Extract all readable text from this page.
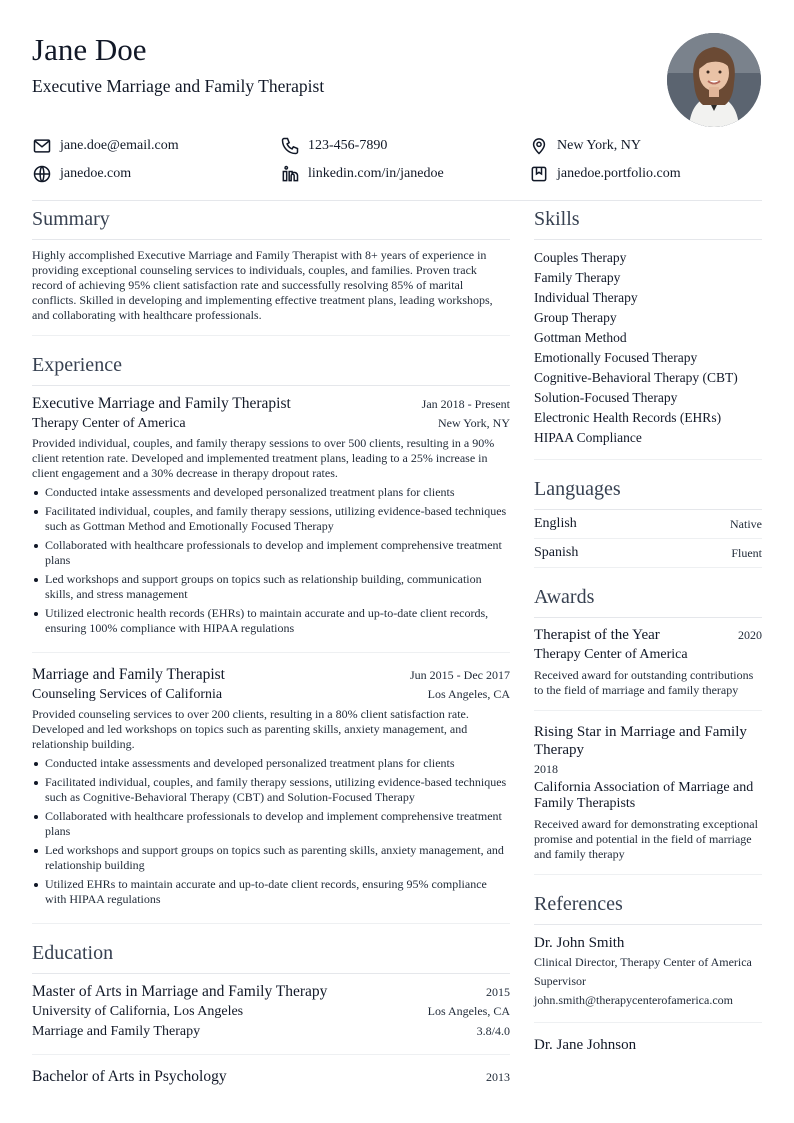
Jane Doe
Executive Marriage and Family Therapist
jane.doe@email.com	123-456-7890	New York, NY
janedoe.com	linkedin.com/in/janedoe	janedoe.portfolio.com
Summary
Highly accomplished Executive Marriage and Family Therapist with 8+ years of experience in providing exceptional counseling services to individuals, couples, and families. Proven track record of achieving 95% client satisfaction rate and successfully resolving 85% of marital conflicts. Skilled in developing and implementing effective treatment plans, leading workshops, and collaborating with healthcare professionals.
Experience
Executive Marriage and Family Therapist	Jan 2018 - Present
Therapy Center of America	New York, NY
Provided individual, couples, and family therapy sessions to over 500 clients, resulting in a 90% client retention rate. Developed and implemented treatment plans, leading to a 25% increase in client engagement and a 30% decrease in therapy dropout rates.
Conducted intake assessments and developed personalized treatment plans for clients
Facilitated individual, couples, and family therapy sessions, utilizing evidence-based techniques such as Gottman Method and Emotionally Focused Therapy
Collaborated with healthcare professionals to develop and implement comprehensive treatment plans
Led workshops and support groups on topics such as relationship building, communication skills, and stress management
Utilized electronic health records (EHRs) to maintain accurate and up-to-date client records, ensuring 100% compliance with HIPAA regulations
Marriage and Family Therapist	Jun 2015 - Dec 2017
Counseling Services of California	Los Angeles, CA
Provided counseling services to over 200 clients, resulting in a 80% client satisfaction rate. Developed and led workshops on topics such as parenting skills, anxiety management, and relationship building.
Conducted intake assessments and developed personalized treatment plans for clients
Facilitated individual, couples, and family therapy sessions, utilizing evidence-based techniques such as Cognitive-Behavioral Therapy (CBT) and Solution-Focused Therapy
Collaborated with healthcare professionals to develop and implement comprehensive treatment plans
Led workshops and support groups on topics such as parenting skills, anxiety management, and relationship building
Utilized EHRs to maintain accurate and up-to-date client records, ensuring 95% compliance with HIPAA regulations
Education
Master of Arts in Marriage and Family Therapy	2015
University of California, Los Angeles	Los Angeles, CA
Marriage and Family Therapy	3.8/4.0
Bachelor of Arts in Psychology	2013
Skills
Couples Therapy
Family Therapy
Individual Therapy
Group Therapy
Gottman Method
Emotionally Focused Therapy
Cognitive-Behavioral Therapy (CBT)
Solution-Focused Therapy
Electronic Health Records (EHRs)
HIPAA Compliance
Languages
English	Native
Spanish	Fluent
Awards
Therapist of the Year	2020
Therapy Center of America
Received award for outstanding contributions to the field of marriage and family therapy
Rising Star in Marriage and Family Therapy
2018
California Association of Marriage and Family Therapists
Received award for demonstrating exceptional promise and potential in the field of marriage and family therapy
References
Dr. John Smith
Clinical Director, Therapy Center of America
Supervisor
john.smith@therapycenterofamerica.com
Dr. Jane Johnson
